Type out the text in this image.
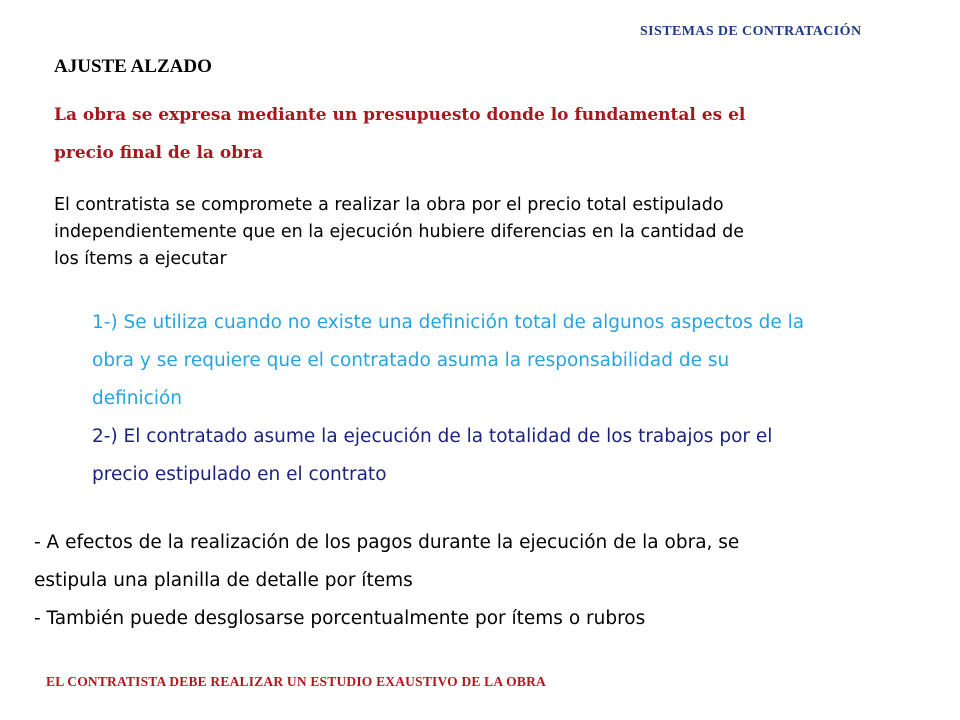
SISTEMAS DE CONTRATACIÓN
AJUSTE ALZADO
La obra se expresa mediante un presupuesto donde lo fundamental es el
precio final de la obra
El contratista se compromete a realizar la obra por el precio total estipulado
independientemente que en la ejecución hubiere diferencias en la cantidad de
los ítems a ejecutar
1-) Se utiliza cuando no existe una definición total de algunos aspectos de la
obra y se requiere que el contratado asuma la responsabilidad de su
definición
2-) El contratado asume la ejecución de la totalidad de los trabajos por el
precio estipulado en el contrato
- A efectos de la realización de los pagos durante la ejecución de la obra, se
estipula una planilla de detalle por ítems
- También puede desglosarse porcentualmente por ítems o rubros
EL CONTRATISTA DEBE REALIZAR UN ESTUDIO EXAUSTIVO DE LA OBRA
